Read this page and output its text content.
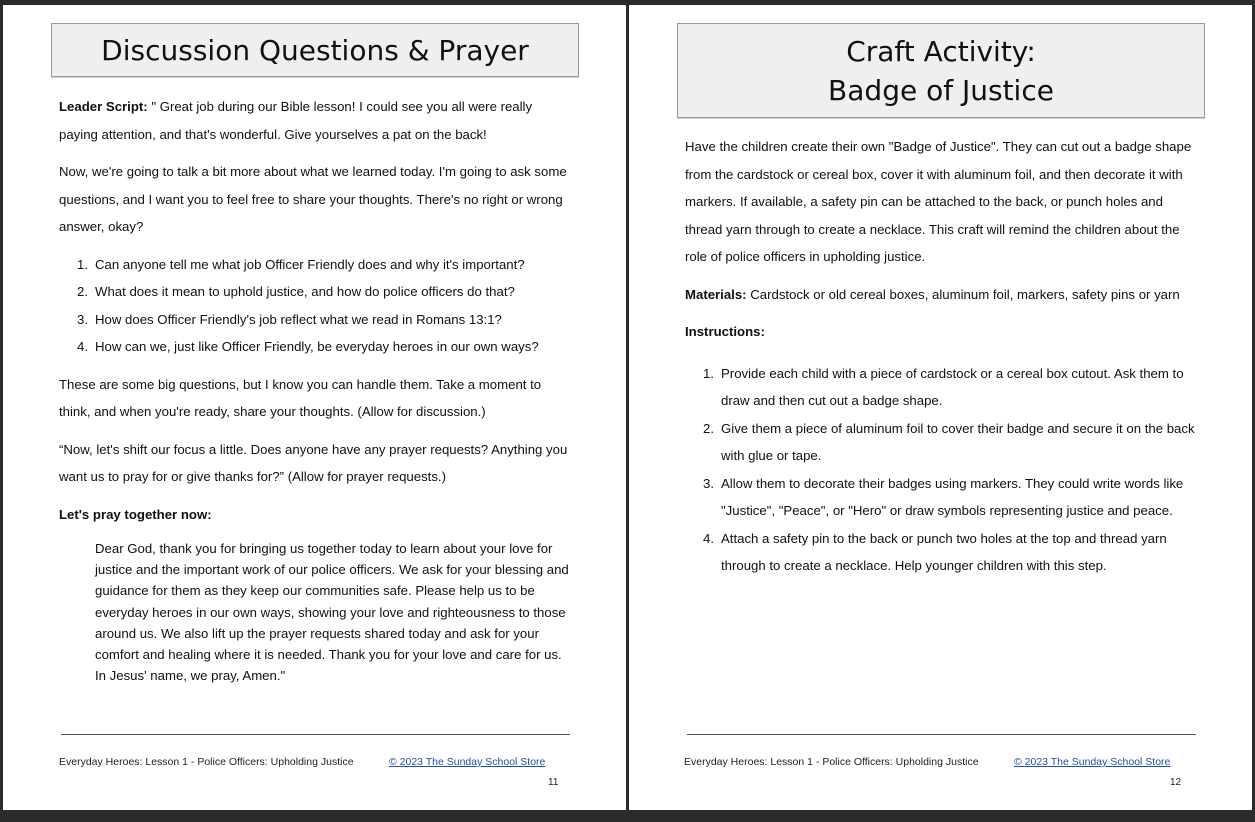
Discussion Questions & Prayer

Leader Script: " Great job during our Bible lesson! I could see you all were really paying attention, and that's wonderful. Give yourselves a pat on the back!

Now, we're going to talk a bit more about what we learned today. I'm going to ask some questions, and I want you to feel free to share your thoughts. There's no right or wrong answer, okay?

1. Can anyone tell me what job Officer Friendly does and why it's important?
2. What does it mean to uphold justice, and how do police officers do that?
3. How does Officer Friendly's job reflect what we read in Romans 13:1?
4. How can we, just like Officer Friendly, be everyday heroes in our own ways?

These are some big questions, but I know you can handle them. Take a moment to think, and when you're ready, share your thoughts. (Allow for discussion.)

“Now, let's shift our focus a little. Does anyone have any prayer requests? Anything you want us to pray for or give thanks for?” (Allow for prayer requests.)

Let's pray together now:

Dear God, thank you for bringing us together today to learn about your love for justice and the important work of our police officers. We ask for your blessing and guidance for them as they keep our communities safe. Please help us to be everyday heroes in our own ways, showing your love and righteousness to those around us. We also lift up the prayer requests shared today and ask for your comfort and healing where it is needed. Thank you for your love and care for us. In Jesus' name, we pray, Amen."
Everyday Heroes: Lesson 1 - Police Officers: Upholding Justice	© 2023 The Sunday School Store
11
Craft Activity:
Badge of Justice

Have the children create their own "Badge of Justice". They can cut out a badge shape from the cardstock or cereal box, cover it with aluminum foil, and then decorate it with markers. If available, a safety pin can be attached to the back, or punch holes and thread yarn through to create a necklace. This craft will remind the children about the role of police officers in upholding justice.

Materials: Cardstock or old cereal boxes, aluminum foil, markers, safety pins or yarn

Instructions:

1. Provide each child with a piece of cardstock or a cereal box cutout. Ask them to draw and then cut out a badge shape.
2. Give them a piece of aluminum foil to cover their badge and secure it on the back with glue or tape.
3. Allow them to decorate their badges using markers. They could write words like "Justice", "Peace", or "Hero" or draw symbols representing justice and peace.
4. Attach a safety pin to the back or punch two holes at the top and thread yarn through to create a necklace. Help younger children with this step.
Everyday Heroes: Lesson 1 - Police Officers: Upholding Justice	© 2023 The Sunday School Store
12
